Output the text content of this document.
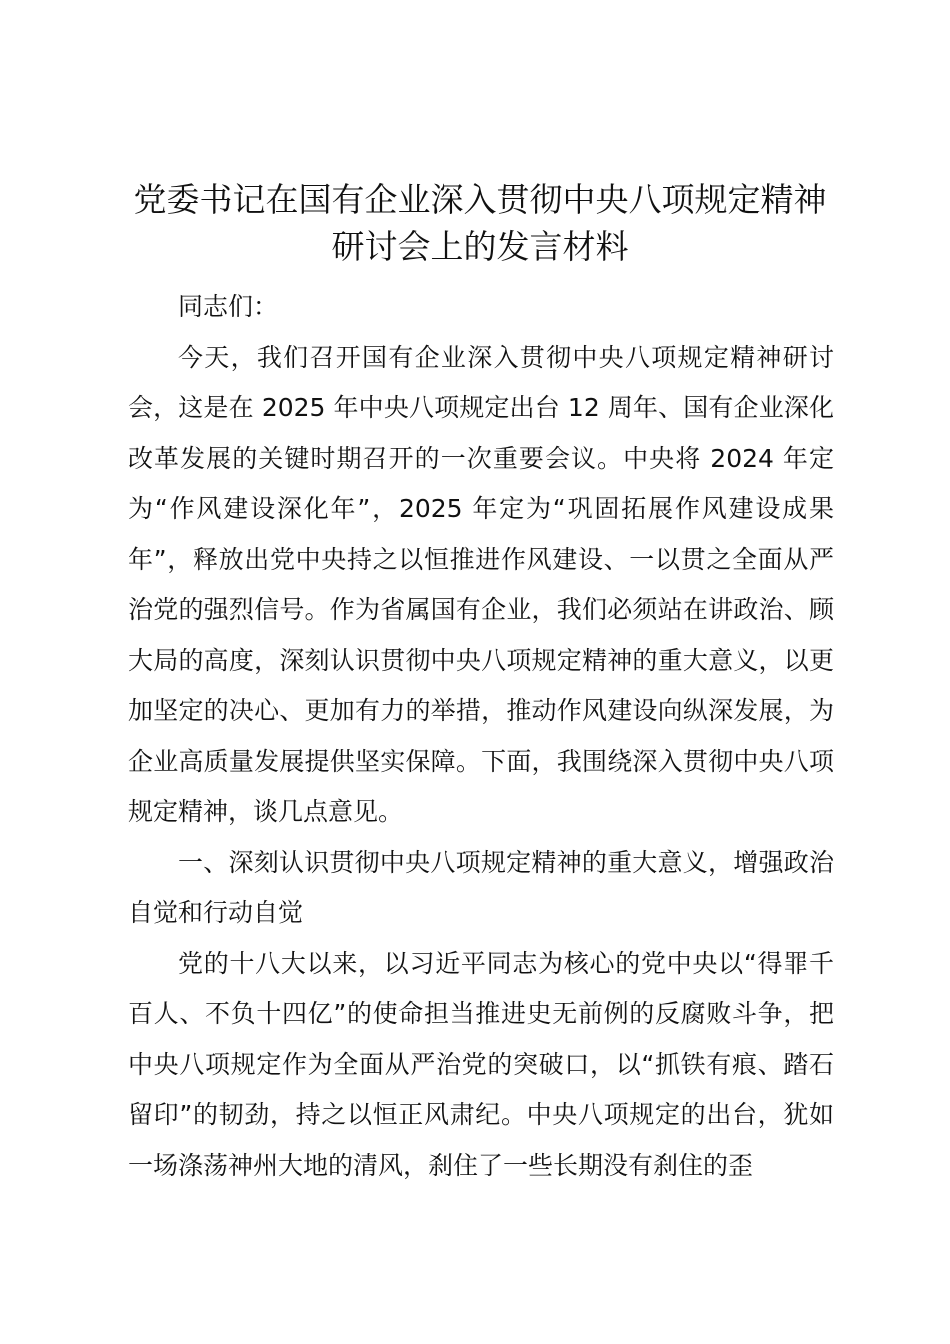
党委书记在国有企业深入贯彻中央八项规定精神研讨会上的发言材料

同志们：

今天，我们召开国有企业深入贯彻中央八项规定精神研讨会，这是在 2025 年中央八项规定出台 12 周年、国有企业深化改革发展的关键时期召开的一次重要会议。中央将 2024 年定为“作风建设深化年”，2025 年定为“巩固拓展作风建设成果年”，释放出党中央持之以恒推进作风建设、一以贯之全面从严治党的强烈信号。作为省属国有企业，我们必须站在讲政治、顾大局的高度，深刻认识贯彻中央八项规定精神的重大意义，以更加坚定的决心、更加有力的举措，推动作风建设向纵深发展，为企业高质量发展提供坚实保障。下面，我围绕深入贯彻中央八项规定精神，谈几点意见。

一、深刻认识贯彻中央八项规定精神的重大意义，增强政治自觉和行动自觉

党的十八大以来，以习近平同志为核心的党中央以“得罪千百人、不负十四亿”的使命担当推进史无前例的反腐败斗争，把中央八项规定作为全面从严治党的突破口，以“抓铁有痕、踏石留印”的韧劲，持之以恒正风肃纪。中央八项规定的出台，犹如一场涤荡神州大地的清风，刹住了一些长期没有刹住的歪
